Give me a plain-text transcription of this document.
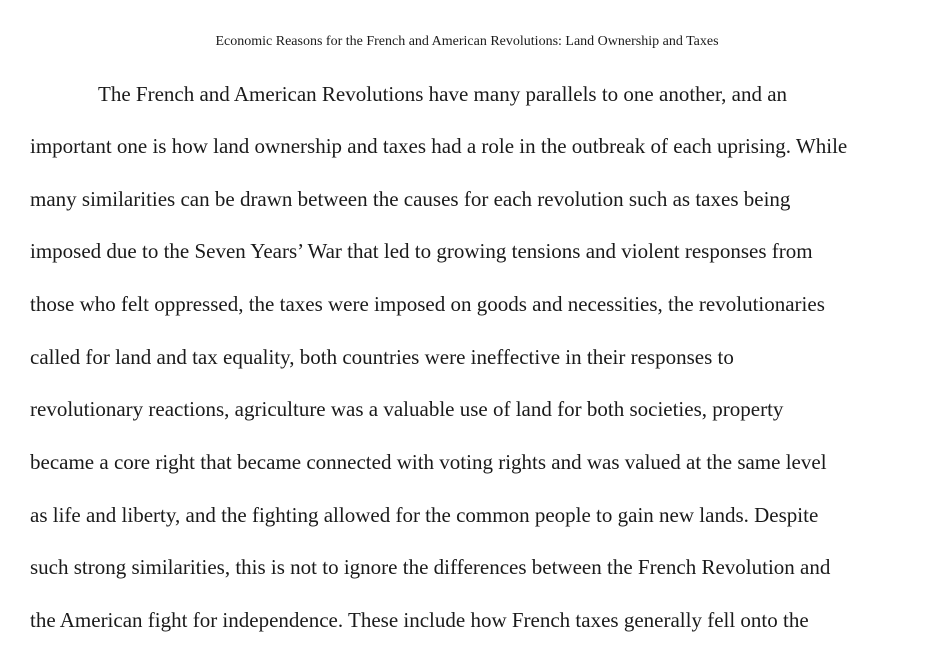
Economic Reasons for the French and American Revolutions: Land Ownership and Taxes
The French and American Revolutions have many parallels to one another, and an
important one is how land ownership and taxes had a role in the outbreak of each uprising. While
many similarities can be drawn between the causes for each revolution such as taxes being
imposed due to the Seven Years’ War that led to growing tensions and violent responses from
those who felt oppressed, the taxes were imposed on goods and necessities, the revolutionaries
called for land and tax equality, both countries were ineffective in their responses to
revolutionary reactions, agriculture was a valuable use of land for both societies, property
became a core right that became connected with voting rights and was valued at the same level
as life and liberty, and the fighting allowed for the common people to gain new lands. Despite
such strong similarities, this is not to ignore the differences between the French Revolution and
the American fight for independence. These include how French taxes generally fell onto the
